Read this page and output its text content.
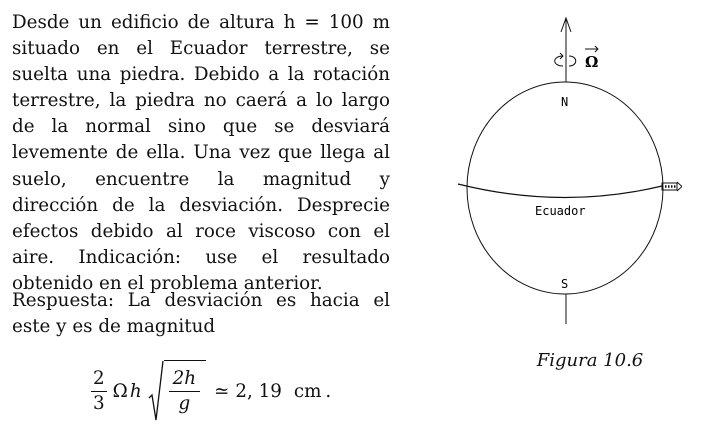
Desde un edificio de altura h = 100 m situado en el Ecuador terrestre, se suelta una piedra. Debido a la rotación terrestre, la piedra no caerá a lo largo de la normal sino que se desviará levemente de ella. Una vez que llega al suelo, encuentre la magnitud y dirección de la desviación. Desprecie efectos debido al roce viscoso con el aire. Indicación: use el resultado obtenido en el problema anterior.

Respuesta: La desviación es hacia el este y es de magnitud

$\frac{2}{3}$ Ω h $\frac{2h}{g}$ ≃ 2, 19 cm .
Ω
N
S
Ecuador
Figura 10.6
